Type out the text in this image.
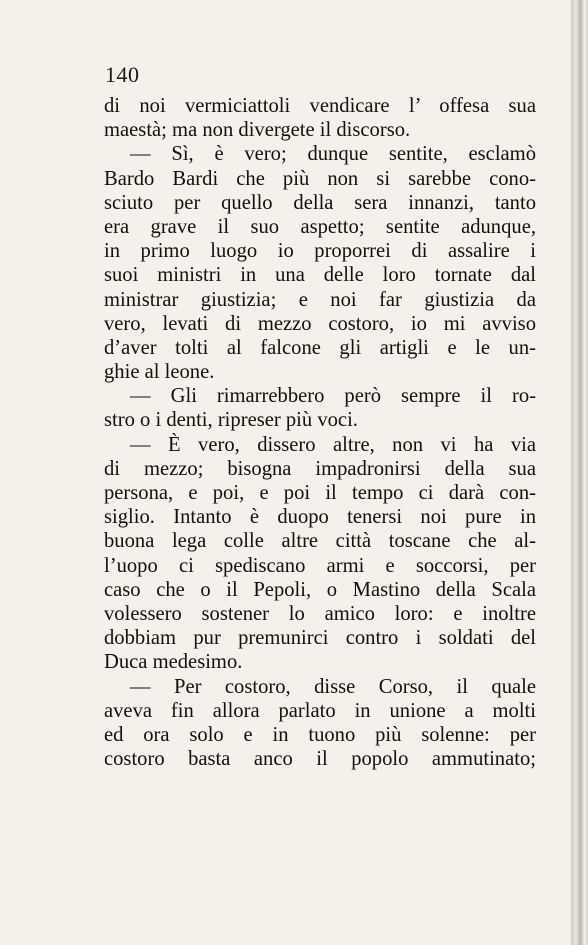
140
di noi vermiciattoli vendicare l’ offesa sua
maestà; ma non divergete il discorso.
— Sì, è vero; dunque sentite, esclamò
Bardo Bardi che più non si sarebbe cono-
sciuto per quello della sera innanzi, tanto
era grave il suo aspetto; sentite adunque,
in primo luogo io proporrei di assalire i
suoi ministri in una delle loro tornate dal
ministrar giustizia; e noi far giustizia da
vero, levati di mezzo costoro, io mi avviso
d’aver tolti al falcone gli artigli e le un-
ghie al leone.
— Gli rimarrebbero però sempre il ro-
stro o i denti, ripreser più voci.
— È vero, dissero altre, non vi ha via
di mezzo; bisogna impadronirsi della sua
persona, e poi, e poi il tempo ci darà con-
siglio. Intanto è duopo tenersi noi pure in
buona lega colle altre città toscane che al-
l’uopo ci spediscano armi e soccorsi, per
caso che o il Pepoli, o Mastino della Scala
volessero sostener lo amico loro: e inoltre
dobbiam pur premunirci contro i soldati del
Duca medesimo.
— Per costoro, disse Corso, il quale
aveva fin allora parlato in unione a molti
ed ora solo e in tuono più solenne: per
costoro basta anco il popolo ammutinato;
